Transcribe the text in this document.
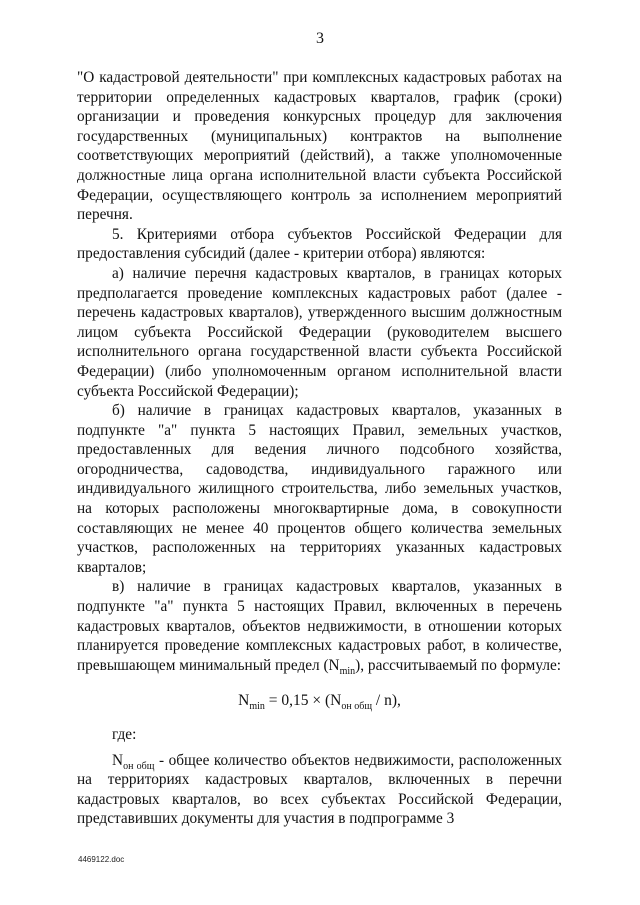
3
"О кадастровой деятельности" при комплексных кадастровых работах на территории определенных кадастровых кварталов, график (сроки) организации и проведения конкурсных процедур для заключения государственных (муниципальных) контрактов на выполнение соответствующих мероприятий (действий), а также уполномоченные должностные лица органа исполнительной власти субъекта Российской Федерации, осуществляющего контроль за исполнением мероприятий перечня.
5. Критериями отбора субъектов Российской Федерации для предоставления субсидий (далее - критерии отбора) являются:
а) наличие перечня кадастровых кварталов, в границах которых предполагается проведение комплексных кадастровых работ (далее - перечень кадастровых кварталов), утвержденного высшим должностным лицом субъекта Российской Федерации (руководителем высшего исполнительного органа государственной власти субъекта Российской Федерации) (либо уполномоченным органом исполнительной власти субъекта Российской Федерации);
б) наличие в границах кадастровых кварталов, указанных в подпункте "а" пункта 5 настоящих Правил, земельных участков, предоставленных для ведения личного подсобного хозяйства, огородничества, садоводства, индивидуального гаражного или индивидуального жилищного строительства, либо земельных участков, на которых расположены многоквартирные дома, в совокупности составляющих не менее 40 процентов общего количества земельных участков, расположенных на территориях указанных кадастровых кварталов;
в) наличие в границах кадастровых кварталов, указанных в подпункте "а" пункта 5 настоящих Правил, включенных в перечень кадастровых кварталов, объектов недвижимости, в отношении которых планируется проведение комплексных кадастровых работ, в количестве, превышающем минимальный предел $(N_{min})$, рассчитываемый по формуле:
$N_{min} = 0,15 \times (N_{он общ} / n)$,
где:
$N_{он общ}$ - общее количество объектов недвижимости, расположенных на территориях кадастровых кварталов, включенных в перечни кадастровых кварталов, во всех субъектах Российской Федерации, представивших документы для участия в подпрограмме 3
4469122.doc
